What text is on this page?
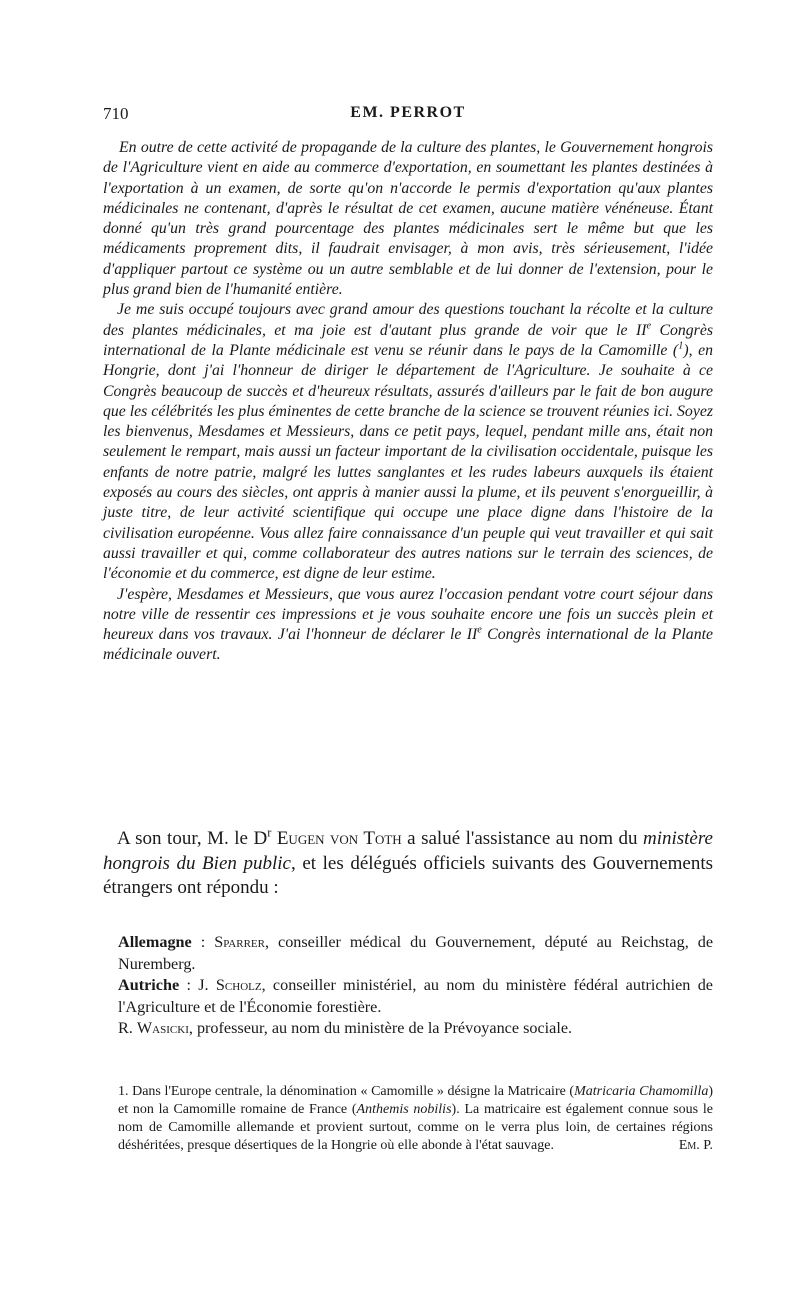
710	EM. PERROT

En outre de cette activité de propagande de la culture des plantes, le Gouvernement hongrois de l'Agriculture vient en aide au commerce d'exportation, en soumettant les plantes destinées à l'exportation à un examen, de sorte qu'on n'accorde le permis d'exportation qu'aux plantes médicinales ne contenant, d'après le résultat de cet examen, aucune matière vénéneuse. Étant donné qu'un très grand pourcentage des plantes médicinales sert le même but que les médicaments proprement dits, il faudrait envisager, à mon avis, très sérieusement, l'idée d'appliquer partout ce système ou un autre semblable et de lui donner de l'extension, pour le plus grand bien de l'humanité entière.

Je me suis occupé toujours avec grand amour des questions touchant la récolte et la culture des plantes médicinales, et ma joie est d'autant plus grande de voir que le IIe Congrès international de la Plante médicinale est venu se réunir dans le pays de la Camomille ($^1$), en Hongrie, dont j'ai l'honneur de diriger le département de l'Agriculture. Je souhaite à ce Congrès beaucoup de succès et d'heureux résultats, assurés d'ailleurs par le fait de bon augure que les célébrités les plus éminentes de cette branche de la science se trouvent réunies ici. Soyez les bienvenus, Mesdames et Messieurs, dans ce petit pays, lequel, pendant mille ans, était non seulement le rempart, mais aussi un facteur important de la civilisation occidentale, puisque les enfants de notre patrie, malgré les luttes sanglantes et les rudes labeurs auxquels ils étaient exposés au cours des siècles, ont appris à manier aussi la plume, et ils peuvent s'enorgueillir, à juste titre, de leur activité scientifique qui occupe une place digne dans l'histoire de la civilisation européenne. Vous allez faire connaissance d'un peuple qui veut travailler et qui sait aussi travailler et qui, comme collaborateur des autres nations sur le terrain des sciences, de l'économie et du commerce, est digne de leur estime.

J'espère, Mesdames et Messieurs, que vous aurez l'occasion pendant votre court séjour dans notre ville de ressentir ces impressions et je vous souhaite encore une fois un succès plein et heureux dans vos travaux. J'ai l'honneur de déclarer le IIe Congrès international de la Plante médicinale ouvert.

A son tour, M. le $D^r$ Eugen von Toth a salué l'assistance au nom du ministère hongrois du Bien public, et les délégués officiels suivants des Gouvernements étrangers ont répondu :

Allemagne : Sparrer, conseiller médical du Gouvernement, député au Reichstag, de Nuremberg.

Autriche : J. Scholz, conseiller ministériel, au nom du ministère fédéral autrichien de l'Agriculture et de l'Économie forestière.

R. Wasicki, professeur, au nom du ministère de la Prévoyance sociale.

1. Dans l'Europe centrale, la dénomination « Camomille » désigne la Matricaire (Matricaria Chamomilla) et non la Camomille romaine de France (Anthemis nobilis). La matricaire est également connue sous le nom de Camomille allemande et provient surtout, comme on le verra plus loin, de certaines régions déshéritées, presque désertiques de la Hongrie où elle abonde à l'état sauvage.	Em. P.
